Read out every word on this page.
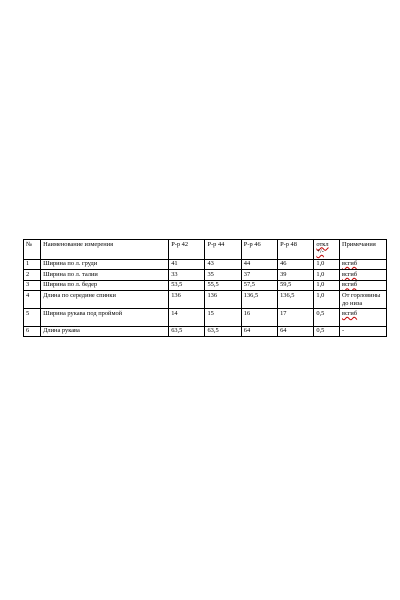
№	Наименование измерения	Р-р 42	Р-р 44	Р-р 46	Р-р 48	откл +/-	Примечания
1	Ширина по л. груди	41	43	44	46	1,0	всгиб
2	Ширина по л. талии	33	35	37	39	1,0	всгиб
3	Ширина по л. бедер	53,5	55,5	57,5	59,5	1,0	всгиб
4	Длина по середине спинки	136	136	136,5	136,5	1,0	От горловины до низа
5	Ширина рукава под проймой	14	15	16	17	0,5	всгиб
6	Длина рукава	63,5	63,5	64	64	0,5	-
